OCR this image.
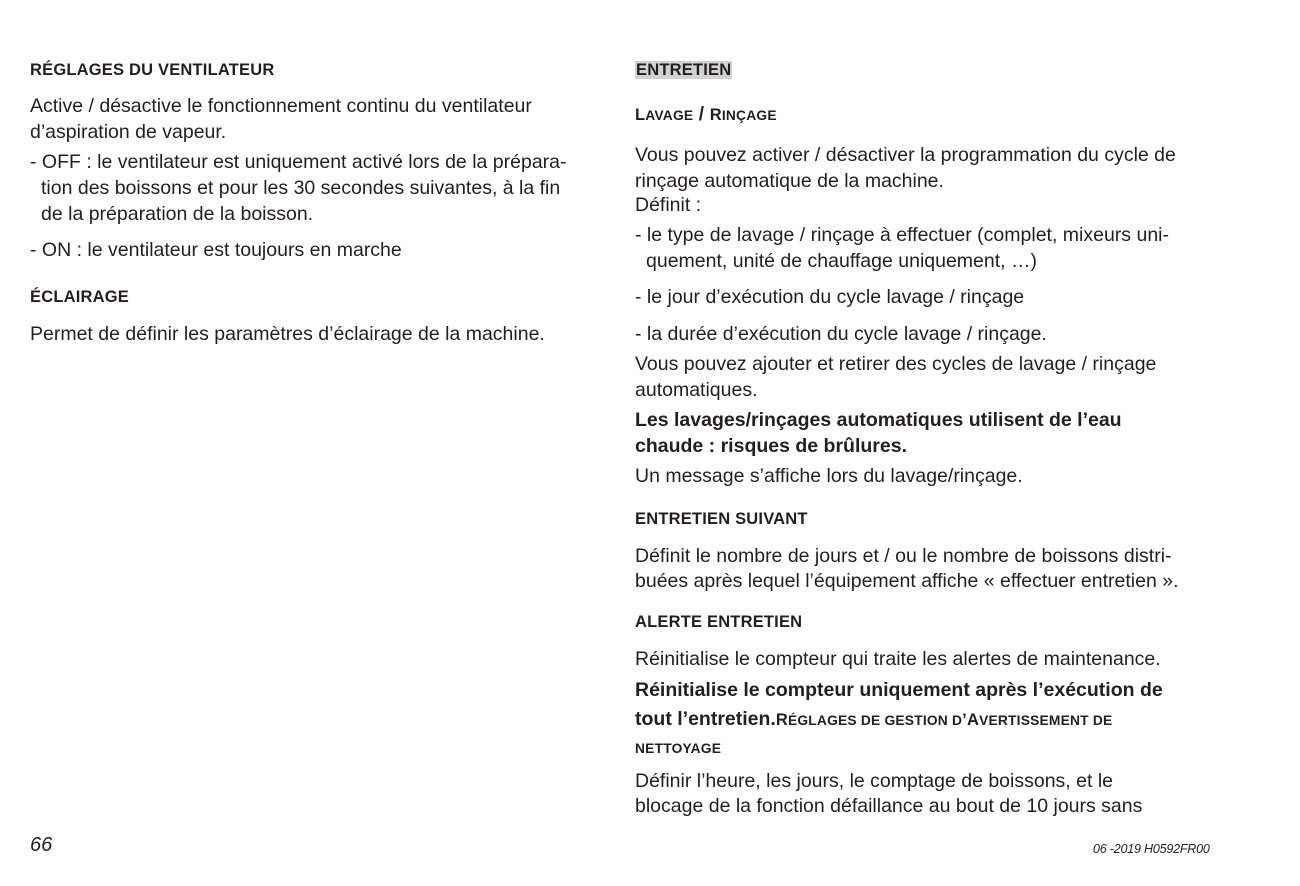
RÉGLAGES DU VENTILATEUR

Active / désactive le fonctionnement continu du ventilateur

d’aspiration de vapeur.

- OFF : le ventilateur est uniquement activé lors de la prépara-

tion des boissons et pour les 30 secondes suivantes, à la fin

de la préparation de la boisson.

- ON : le ventilateur est toujours en marche

ÉCLAIRAGE

Permet de définir les paramètres d’éclairage de la machine.

ENTRETIEN

LAVAGE / RINÇAGE

Vous pouvez activer / désactiver la programmation du cycle de

rinçage automatique de la machine.

Définit :

- le type de lavage / rinçage à effectuer (complet, mixeurs uni-

quement, unité de chauffage uniquement, …)

- le jour d’exécution du cycle lavage / rinçage

- la durée d’exécution du cycle lavage / rinçage.

Vous pouvez ajouter et retirer des cycles de lavage / rinçage

automatiques.

Les lavages/rinçages automatiques utilisent de l’eau

chaude : risques de brûlures.

Un message s’affiche lors du lavage/rinçage.

ENTRETIEN SUIVANT

Définit le nombre de jours et / ou le nombre de boissons distri-

buées après lequel l’équipement affiche « effectuer entretien ».

ALERTE ENTRETIEN

Réinitialise le compteur qui traite les alertes de maintenance.

Réinitialise le compteur uniquement après l’exécution de

tout l’entretien.RÉGLAGES DE GESTION D’AVERTISSEMENT DE

NETTOYAGE

Définir l’heure, les jours, le comptage de boissons, et le

blocage de la fonction défaillance au bout de 10 jours sans

66	06 -2019 H0592FR00
